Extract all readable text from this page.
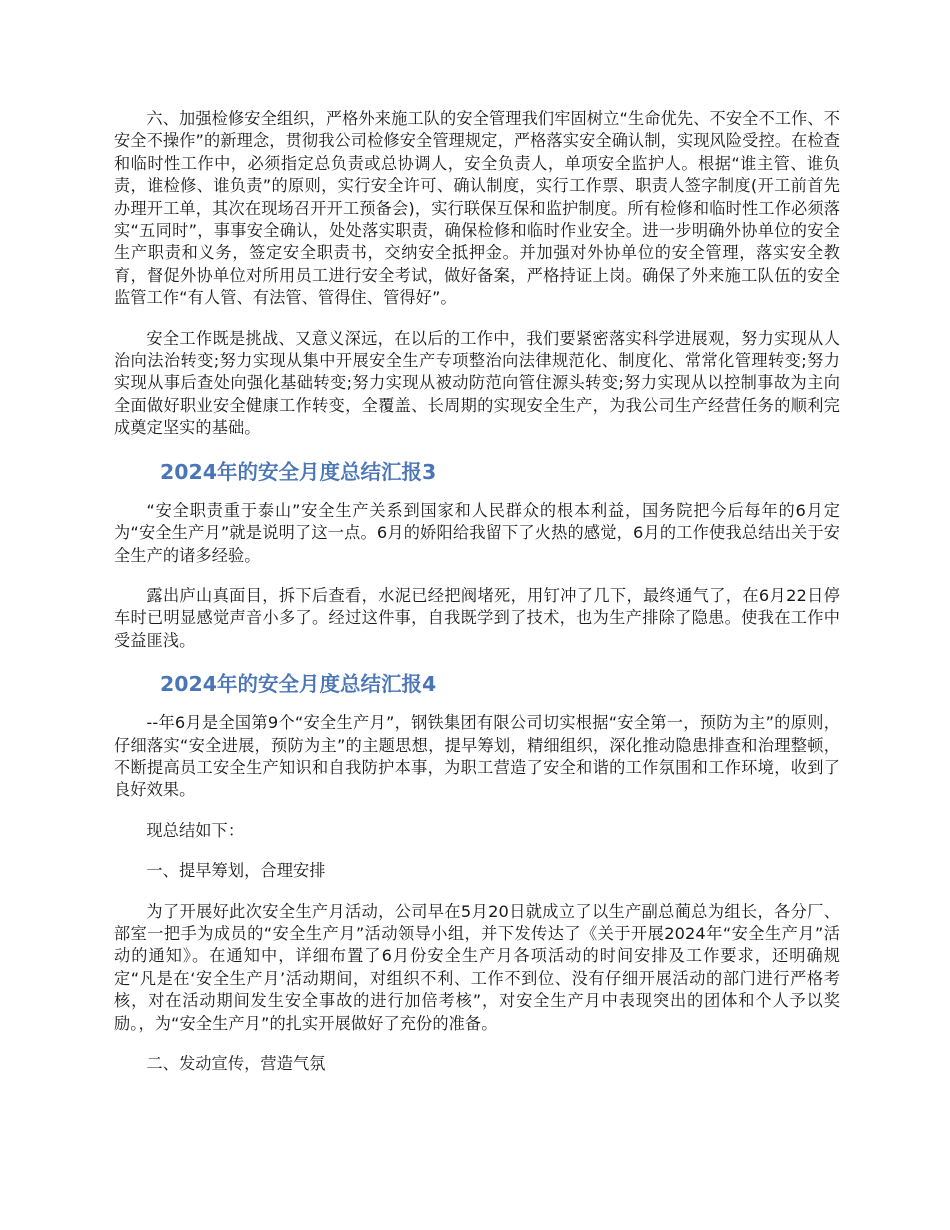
六、加强检修安全组织，严格外来施工队的安全管理我们牢固树立“生命优先、不安全不工作、不安全不操作”的新理念，贯彻我公司检修安全管理规定，严格落实安全确认制，实现风险受控。在检查和临时性工作中，必须指定总负责或总协调人，安全负责人，单项安全监护人。根据“谁主管、谁负责，谁检修、谁负责”的原则，实行安全许可、确认制度，实行工作票、职责人签字制度(开工前首先办理开工单，其次在现场召开开工预备会)，实行联保互保和监护制度。所有检修和临时性工作必须落实“五同时”，事事安全确认，处处落实职责，确保检修和临时作业安全。进一步明确外协单位的安全生产职责和义务，签定安全职责书，交纳安全抵押金。并加强对外协单位的安全管理，落实安全教育，督促外协单位对所用员工进行安全考试，做好备案，严格持证上岗。确保了外来施工队伍的安全监管工作“有人管、有法管、管得住、管得好”。

安全工作既是挑战、又意义深远，在以后的工作中，我们要紧密落实科学进展观，努力实现从人治向法治转变;努力实现从集中开展安全生产专项整治向法律规范化、制度化、常常化管理转变;努力实现从事后查处向强化基础转变;努力实现从被动防范向管住源头转变;努力实现从以控制事故为主向全面做好职业安全健康工作转变，全覆盖、长周期的实现安全生产，为我公司生产经营任务的顺利完成奠定坚实的基础。

2024年的安全月度总结汇报3

“安全职责重于泰山”安全生产关系到国家和人民群众的根本利益，国务院把今后每年的6月定为“安全生产月”就是说明了这一点。6月的娇阳给我留下了火热的感觉，6月的工作使我总结出关于安全生产的诸多经验。

露出庐山真面目，拆下后查看，水泥已经把阀堵死，用钉冲了几下，最终通气了，在6月22日停车时已明显感觉声音小多了。经过这件事，自我既学到了技术，也为生产排除了隐患。使我在工作中受益匪浅。

2024年的安全月度总结汇报4

--年6月是全国第9个“安全生产月”，钢铁集团有限公司切实根据“安全第一，预防为主”的原则，仔细落实“安全进展，预防为主”的主题思想，提早筹划，精细组织，深化推动隐患排查和治理整顿，不断提高员工安全生产知识和自我防护本事，为职工营造了安全和谐的工作氛围和工作环境，收到了良好效果。

现总结如下：

一、提早筹划，合理安排

为了开展好此次安全生产月活动，公司早在5月20日就成立了以生产副总蔺总为组长，各分厂、部室一把手为成员的“安全生产月”活动领导小组，并下发传达了《关于开展2024年“安全生产月”活动的通知》。在通知中，详细布置了6月份安全生产月各项活动的时间安排及工作要求，还明确规定“凡是在‘安全生产月’活动期间，对组织不利、工作不到位、没有仔细开展活动的部门进行严格考核，对在活动期间发生安全事故的进行加倍考核”，对安全生产月中表现突出的团体和个人予以奖励。，为“安全生产月”的扎实开展做好了充份的准备。

二、发动宣传，营造气氛
